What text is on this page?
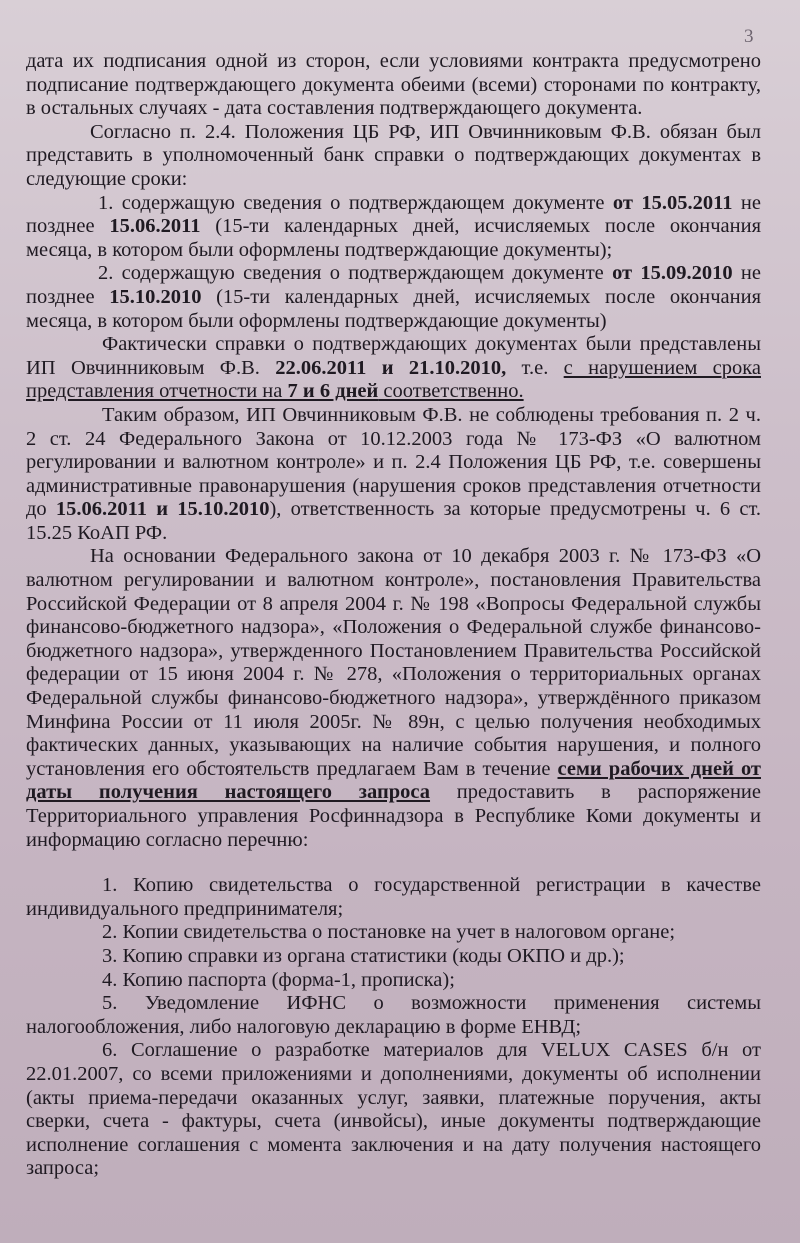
3

дата их подписания одной из сторон, если условиями контракта предусмотрено подписание подтверждающего документа обеими (всеми) сторонами по контракту, в остальных случаях - дата составления подтверждающего документа.

Согласно п. 2.4. Положения ЦБ РФ, ИП Овчинниковым Ф.В. обязан был представить в уполномоченный банк справки о подтверждающих документах в следующие сроки:

1. содержащую сведения о подтверждающем документе от 15.05.2011 не позднее 15.06.2011 (15-ти календарных дней, исчисляемых после окончания месяца, в котором были оформлены подтверждающие документы);

2. содержащую сведения о подтверждающем документе от 15.09.2010 не позднее 15.10.2010 (15-ти календарных дней, исчисляемых после окончания месяца, в котором были оформлены подтверждающие документы)

Фактически справки о подтверждающих документах были представлены ИП Овчинниковым Ф.В. 22.06.2011 и 21.10.2010, т.е. с нарушением срока представления отчетности на 7 и 6 дней соответственно.

Таким образом, ИП Овчинниковым Ф.В. не соблюдены требования п. 2 ч. 2 ст. 24 Федерального Закона от 10.12.2003 года № 173-ФЗ «О валютном регулировании и валютном контроле» и п. 2.4 Положения ЦБ РФ, т.е. совершены административные правонарушения (нарушения сроков представления отчетности до 15.06.2011 и 15.10.2010), ответственность за которые предусмотрены ч. 6 ст. 15.25 КоАП РФ.

На основании Федерального закона от 10 декабря 2003 г. № 173-ФЗ «О валютном регулировании и валютном контроле», постановления Правительства Российской Федерации от 8 апреля 2004 г. № 198 «Вопросы Федеральной службы финансово-бюджетного надзора», «Положения о Федеральной службе финансово-бюджетного надзора», утвержденного Постановлением Правительства Российской федерации от 15 июня 2004 г. № 278, «Положения о территориальных органах Федеральной службы финансово-бюджетного надзора», утверждённого приказом Минфина России от 11 июля 2005г. № 89н, с целью получения необходимых фактических данных, указывающих на наличие события нарушения, и полного установления его обстоятельств предлагаем Вам в течение семи рабочих дней от даты получения настоящего запроса предоставить в распоряжение Территориального управления Росфиннадзора в Республике Коми документы и информацию согласно перечню:

1. Копию свидетельства о государственной регистрации в качестве индивидуального предпринимателя;

2. Копии свидетельства о постановке на учет в налоговом органе;

3. Копию справки из органа статистики (коды ОКПО и др.);

4. Копию паспорта (форма-1, прописка);

5. Уведомление ИФНС о возможности применения системы налогообложения, либо налоговую декларацию в форме ЕНВД;

6. Соглашение о разработке материалов для VELUX CASES б/н от 22.01.2007, со всеми приложениями и дополнениями, документы об исполнении (акты приема-передачи оказанных услуг, заявки, платежные поручения, акты сверки, счета - фактуры, счета (инвойсы), иные документы подтверждающие исполнение соглашения с момента заключения и на дату получения настоящего запроса;
